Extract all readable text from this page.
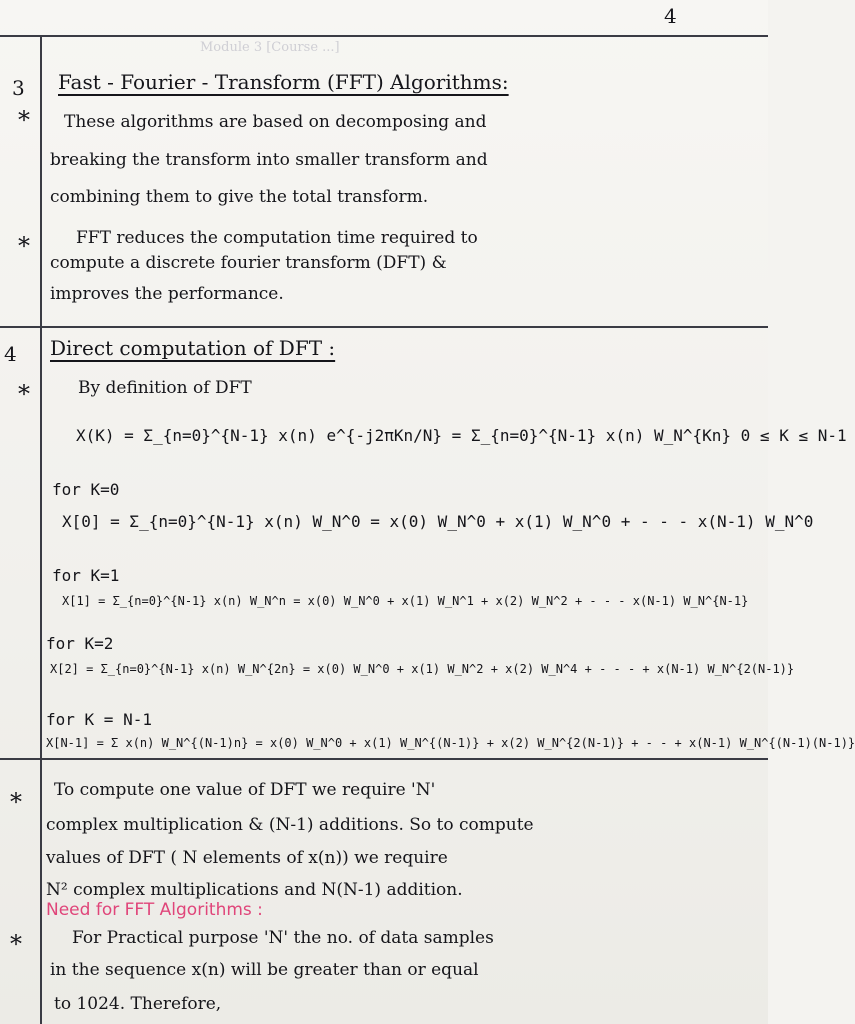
4
Module 3 [Course ...]
3
4
*
*
*
*
*
Fast - Fourier - Transform (FFT) Algorithms:
These algorithms are based on decomposing and
breaking the transform into smaller transform and
combining them to give the total transform.
FFT reduces the computation time required to
compute a discrete fourier transform (DFT) &
improves the performance.
Direct computation of DFT :
By definition of DFT
X(K) = Σ_{n=0}^{N-1} x(n) e^{-j2πKn/N} = Σ_{n=0}^{N-1} x(n) W_N^{Kn} 0 ≤ K ≤ N-1
for K=0
X[0] = Σ_{n=0}^{N-1} x(n) W_N^0 = x(0) W_N^0 + x(1) W_N^0 + - - - x(N-1) W_N^0
for K=1
X[1] = Σ_{n=0}^{N-1} x(n) W_N^n = x(0) W_N^0 + x(1) W_N^1 + x(2) W_N^2 + - - - x(N-1) W_N^{N-1}
for K=2
X[2] = Σ_{n=0}^{N-1} x(n) W_N^{2n} = x(0) W_N^0 + x(1) W_N^2 + x(2) W_N^4 + - - - + x(N-1) W_N^{2(N-1)}
for K = N-1
X[N-1] = Σ x(n) W_N^{(N-1)n} = x(0) W_N^0 + x(1) W_N^{(N-1)} + x(2) W_N^{2(N-1)} + - - + x(N-1) W_N^{(N-1)(N-1)}
To compute one value of DFT we require 'N'
complex multiplication & (N-1) additions. So to compute
values of DFT ( N elements of x(n)) we require
N² complex multiplications and N(N-1) addition.
Need for FFT Algorithms :
For Practical purpose 'N' the no. of data samples
in the sequence x(n) will be greater than or equal
to 1024. Therefore,
